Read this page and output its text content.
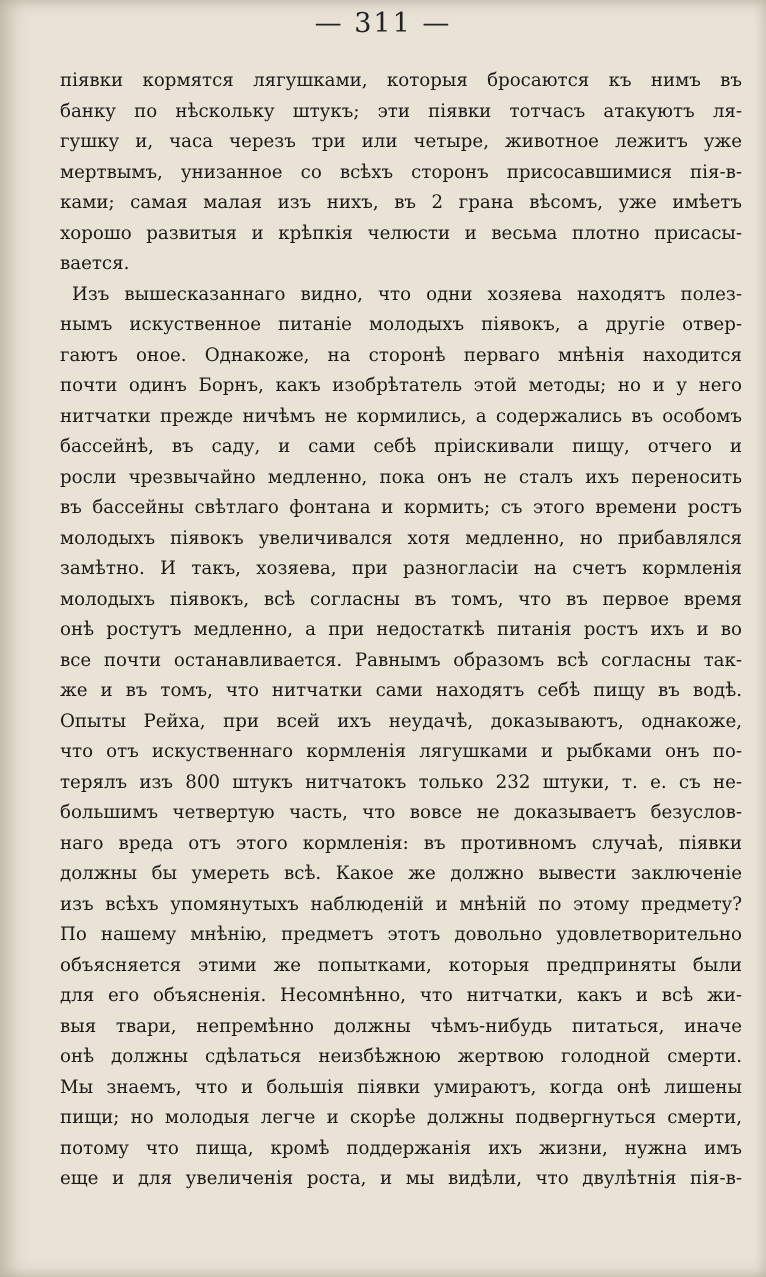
— 311 —
піявки кормятся лягушками, которыя бросаются къ нимъ въ
банку по нѣскольку штукъ; эти піявки тотчасъ атакуютъ ля-
гушку и, часа черезъ три или четыре, животное лежитъ уже
мертвымъ, унизанное со всѣхъ сторонъ присосавшимися пія-в-
ками; самая малая изъ нихъ, въ 2 грана вѣсомъ, уже имѣетъ
хорошо развитыя и крѣпкія челюсти и весьма плотно присасы-
вается.
Изъ вышесказаннаго видно, что одни хозяева находятъ полез-
нымъ искуственное питаніе молодыхъ піявокъ, а другіе отвер-
гаютъ оное. Однакоже, на сторонѣ перваго мнѣнія находится
почти одинъ Борнъ, какъ изобрѣтатель этой методы; но и у него
нитчатки прежде ничѣмъ не кормились, а содержались въ особомъ
бассейнѣ, въ саду, и сами себѣ пріискивали пищу, отчего и
росли чрезвычайно медленно, пока онъ не сталъ ихъ переносить
въ бассейны свѣтлаго фонтана и кормить; съ этого времени ростъ
молодыхъ піявокъ увеличивался хотя медленно, но прибавлялся
замѣтно. И такъ, хозяева, при разногласіи на счетъ кормленія
молодыхъ піявокъ, всѣ согласны въ томъ, что въ первое время
онѣ ростутъ медленно, а при недостаткѣ питанія ростъ ихъ и во
все почти останавливается. Равнымъ образомъ всѣ согласны так-
же и въ томъ, что нитчатки сами находятъ себѣ пищу въ водѣ.
Опыты Рейха, при всей ихъ неудачѣ, доказываютъ, однакоже,
что отъ искуственнаго кормленія лягушками и рыбками онъ по-
терялъ изъ 800 штукъ нитчатокъ только 232 штуки, т. е. съ не-
большимъ четвертую часть, что вовсе не доказываетъ безуслов-
наго вреда отъ этого кормленія: въ противномъ случаѣ, піявки
должны бы умереть всѣ. Какое же должно вывести заключеніе
изъ всѣхъ упомянутыхъ наблюденій и мнѣній по этому предмету?
По нашему мнѣнію, предметъ этотъ довольно удовлетворительно
объясняется этими же попытками, которыя предприняты были
для его объясненія. Несомнѣнно, что нитчатки, какъ и всѣ жи-
выя твари, непремѣнно должны чѣмъ-нибудь питаться, иначе
онѣ должны сдѣлаться неизбѣжною жертвою голодной смерти.
Мы знаемъ, что и большія піявки умираютъ, когда онѣ лишены
пищи; но молодыя легче и скорѣе должны подвергнуться смерти,
потому что пища, кромѣ поддержанія ихъ жизни, нужна имъ
еще и для увеличенія роста, и мы видѣли, что двулѣтнія пія-в-
